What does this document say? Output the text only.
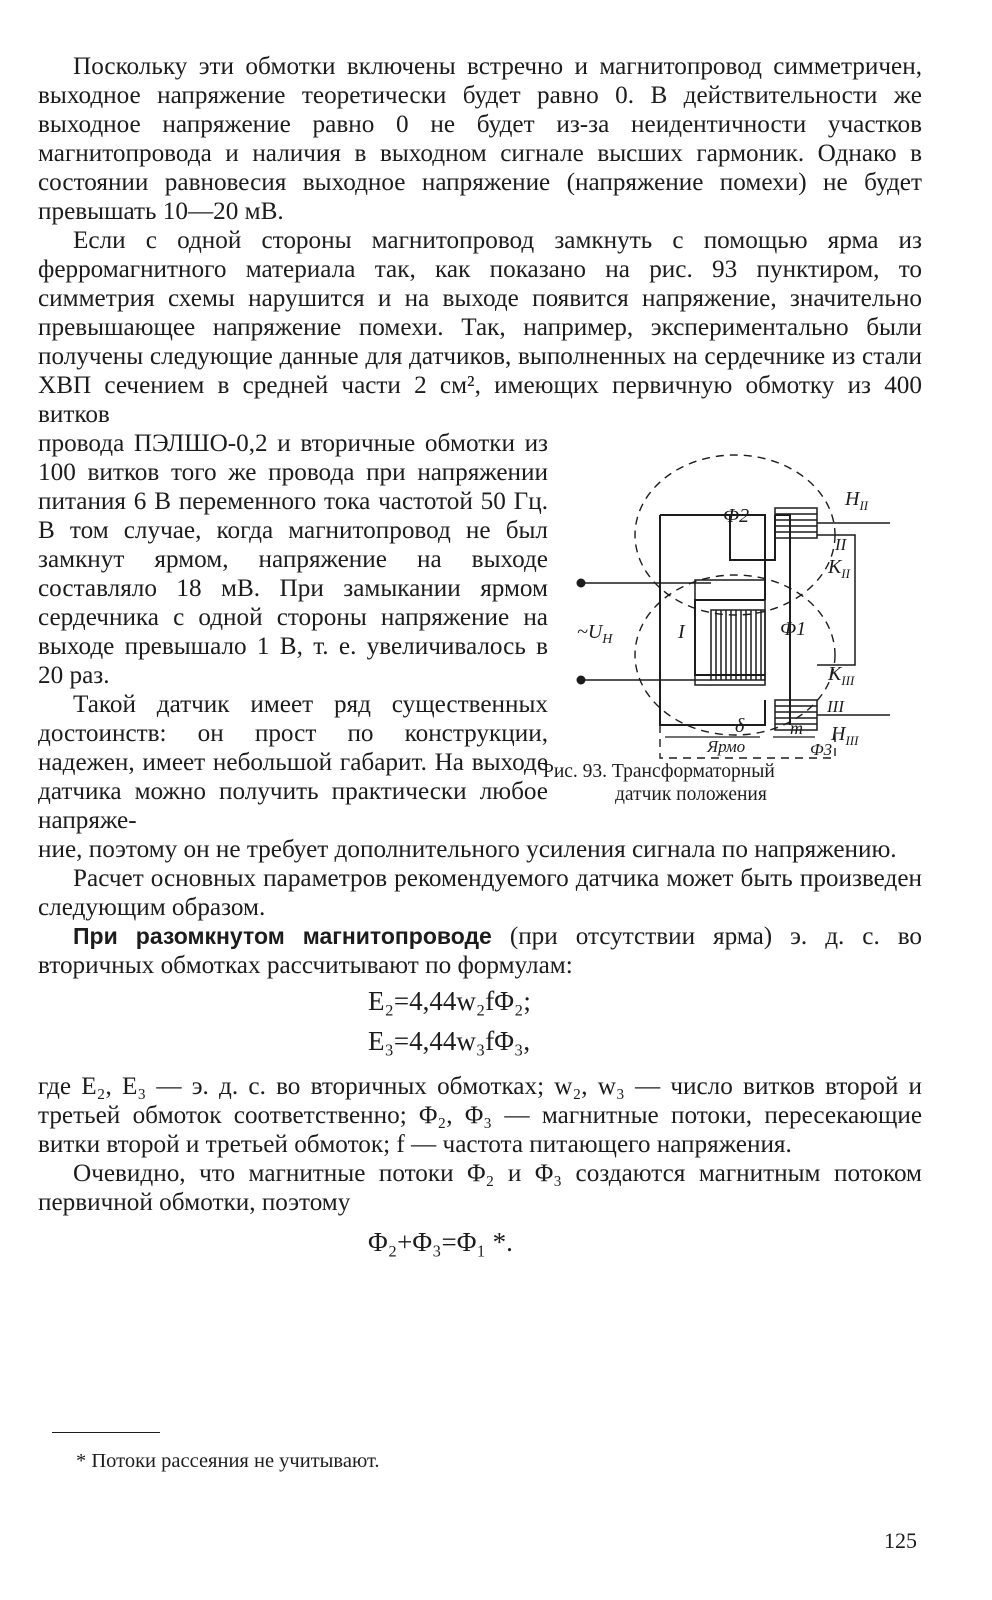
Поскольку эти обмотки включены встречно и магнитопровод симметричен, выходное напряжение теоретически будет равно 0. В действительности же выходное напряжение равно 0 не будет из-за неидентичности участков магнитопровода и наличия в выходном сигнале высших гармоник. Однако в состоянии равновесия выходное напряжение (напряжение помехи) не будет превышать 10—20 мВ.

Если с одной стороны магнитопровод замкнуть с помощью ярма из ферромагнитного материала так, как показано на рис. 93 пунктиром, то симметрия схемы нарушится и на выходе появится напряжение, значительно превышающее напряжение помехи. Так, например, экспериментально были получены следующие данные для датчиков, выполненных на сердечнике из стали ХВП сечением в средней части 2 см², имеющих первичную обмотку из 400 витков

провода ПЭЛШО-0,2 и вторичные обмотки из 100 витков того же провода при напряжении питания 6 В переменного тока частотой 50 Гц. В том случае, когда магнитопровод не был замкнут ярмом, напряжение на выходе составляло 18 мВ. При замыкании ярмом сердечника с одной стороны напряжение на выходе превышало 1 В, т. е. увеличивалось в 20 раз.

Такой датчик имеет ряд существенных достоинств: он прост по конструкции, надежен, имеет небольшой габарит. На выходе датчика можно получить практически любое напряже-

ние, поэтому он не требует дополнительного усиления сигнала по напряжению.

Расчет основных параметров рекомендуемого датчика может быть произведен следующим образом.

При разомкнутом магнитопроводе (при отсутствии ярма) э. д. с. во вторичных обмотках рассчитывают по формулам:

E₂=4,44w₂fΦ₂;
E₃=4,44w₃fΦ₃,

где E₂, E₃ — э. д. с. во вторичных обмотках; w₂, w₃ — число витков второй и третьей обмоток соответственно; Φ₂, Φ₃ — магнитные потоки, пересекающие витки второй и третьей обмоток; f — частота питающего напряжения.

Очевидно, что магнитные потоки Φ₂ и Φ₃ создаются магнитным потоком первичной обмотки, поэтому

Φ₂+Φ₃=Φ₁ *.
Ф2
Ф1
Ф3
I
II
III
$\sim U_Н$
$Н_{II}$
$Н_{III}$
$К_{II}$
$К_{III}$
δ	m
Ярмо
Рис. 93. Трансформаторный
датчик положения
* Потоки рассеяния не учитывают.
125
